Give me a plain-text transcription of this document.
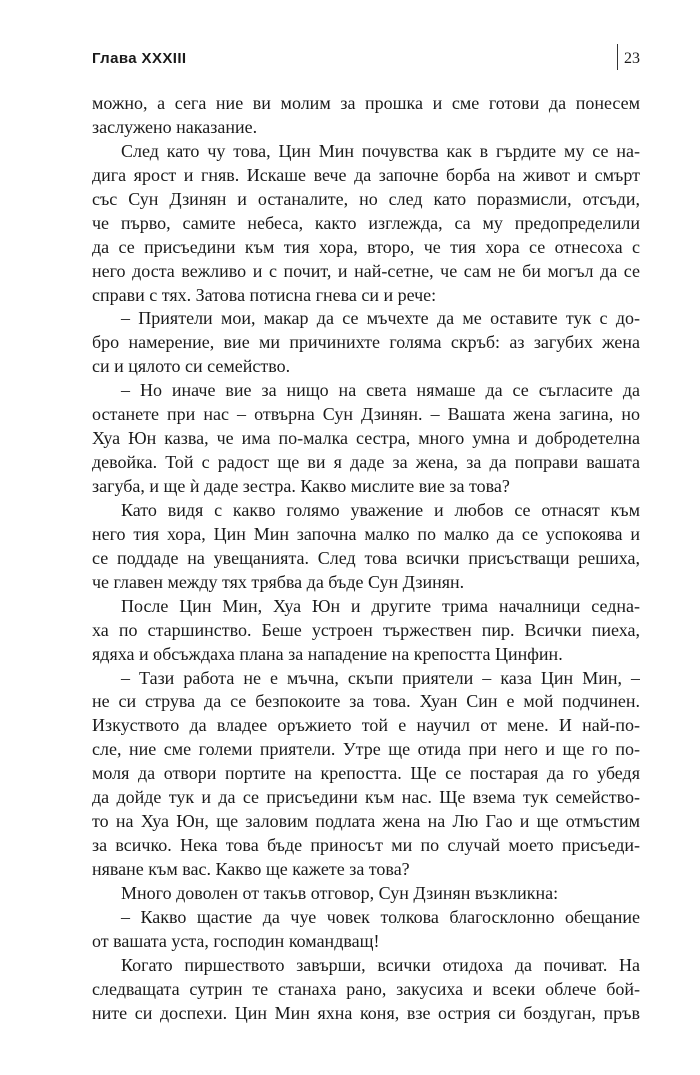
Глава XXXIII	23
можно, а сега ние ви молим за прошка и сме готови да понесем
заслужено наказание.
След като чу това, Цин Мин почувства как в гърдите му се на-
дига ярост и гняв. Искаше вече да започне борба на живот и смърт
със Сун Дзинян и останалите, но след като поразмисли, отсъди,
че първо, самите небеса, както изглежда, са му предопределили
да се присъедини към тия хора, второ, че тия хора се отнесоха с
него доста вежливо и с почит, и най-сетне, че сам не би могъл да се
справи с тях. Затова потисна гнева си и рече:
– Приятели мои, макар да се мъчехте да ме оставите тук с до-
бро намерение, вие ми причинихте голяма скръб: аз загубих жена
си и цялото си семейство.
– Но иначе вие за нищо на света нямаше да се съгласите да
останете при нас – отвърна Сун Дзинян. – Вашата жена загина, но
Хуа Юн казва, че има по-малка сестра, много умна и добродетелна
девойка. Той с радост ще ви я даде за жена, за да поправи вашата
загуба, и ще ѝ даде зестра. Какво мислите вие за това?
Като видя с какво голямо уважение и любов се отнасят към
него тия хора, Цин Мин започна малко по малко да се успокоява и
се поддаде на увещанията. След това всички присъстващи решиха,
че главен между тях трябва да бъде Сун Дзинян.
После Цин Мин, Хуа Юн и другите трима началници седна-
ха по старшинство. Беше устроен тържествен пир. Всички пиеха,
ядяха и обсъждаха плана за нападение на крепостта Цинфин.
– Тази работа не е мъчна, скъпи приятели – каза Цин Мин, –
не си струва да се безпокоите за това. Хуан Син е мой подчинен.
Изкуството да владее оръжието той е научил от мене. И най-по-
сле, ние сме големи приятели. Утре ще отида при него и ще го по-
моля да отвори портите на крепостта. Ще се постарая да го убедя
да дойде тук и да се присъедини към нас. Ще взема тук семейство-
то на Хуа Юн, ще заловим подлата жена на Лю Гао и ще отмъстим
за всичко. Нека това бъде приносът ми по случай моето присъеди-
няване към вас. Какво ще кажете за това?
Много доволен от такъв отговор, Сун Дзинян възкликна:
– Какво щастие да чуе човек толкова благосклонно обещание
от вашата уста, господин командващ!
Когато пиршеството завърши, всички отидоха да почиват. На
следващата сутрин те станаха рано, закусиха и всеки облече бой-
ните си доспехи. Цин Мин яхна коня, взе острия си боздуган, пръв
